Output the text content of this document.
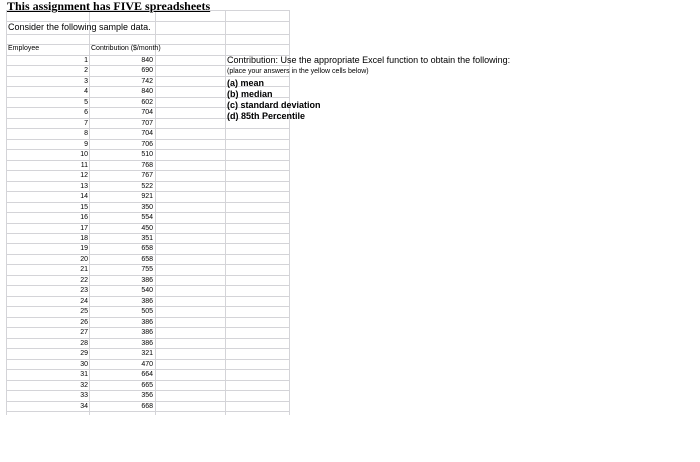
This assignment has FIVE spreadsheets
Consider the following sample data.
Employee	Contribution ($/month)
1	840
2	690
3	742
4	840
5	602
6	704
7	707
8	704
9	706
10	510
11	768
12	767
13	522
14	921
15	350
16	554
17	450
18	351
19	658
20	658
21	755
22	386
23	540
24	386
25	505
26	386
27	386
28	386
29	321
30	470
31	664
32	665
33	356
34	668
Contribution: Use the appropriate Excel function to obtain the following:
(place your answers in the yellow cells below)
(a) mean
(b) median
(c) standard deviation
(d) 85th Percentile
